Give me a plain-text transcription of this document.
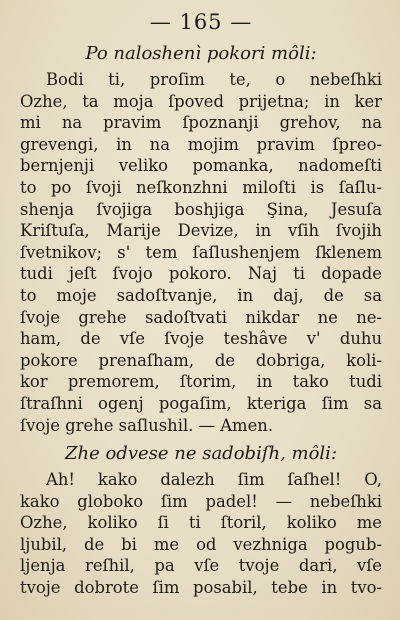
— 165 —
Po naloshenì pokori môli:
Bodi ti, proſim te, o nebeſhki
Ozhe, ta moja ſpoved prijetna; in ker
mi na pravim ſpoznanji grehov, na
grevengi, in na mojim pravim ſpreo-
bernjenji veliko pomanka, nadomeſti
to po ſvoji neſkonzhni miloſti is ſaſlu-
shenja ſvojiga boshjiga Şina, Jesuſa
Kriſtuſa, Marije Devize, in vſih ſvojih
ſvetnikov; s' tem ſaſlushenjem ſklenem
tudi jeſt ſvojo pokoro. Naj ti dopade
to moje sadoſtvanje, in daj, de sa
ſvoje grehe sadoſtvati nikdar ne ne-
ham, de vſe ſvoje teshâve v' duhu
pokore prenaſham, de dobriga, koli-
kor premorem, ſtorim, in tako tudi
ſtraſhni ogenj pogaſim, kteriga ſim sa
ſvoje grehe saſlushil. — Amen.
Zhe odvese ne sadobiſh, môli:
Ah! kako dalezh ſim ſaſhel! O,
kako globoko ſim padel! — nebeſhki
Ozhe, koliko ſi ti ſtoril, koliko me
ljubil, de bi me od vezhniga pogub-
ljenja reſhil, pa vſe tvoje dari, vſe
tvoje dobrote ſim posabil, tebe in tvo-
